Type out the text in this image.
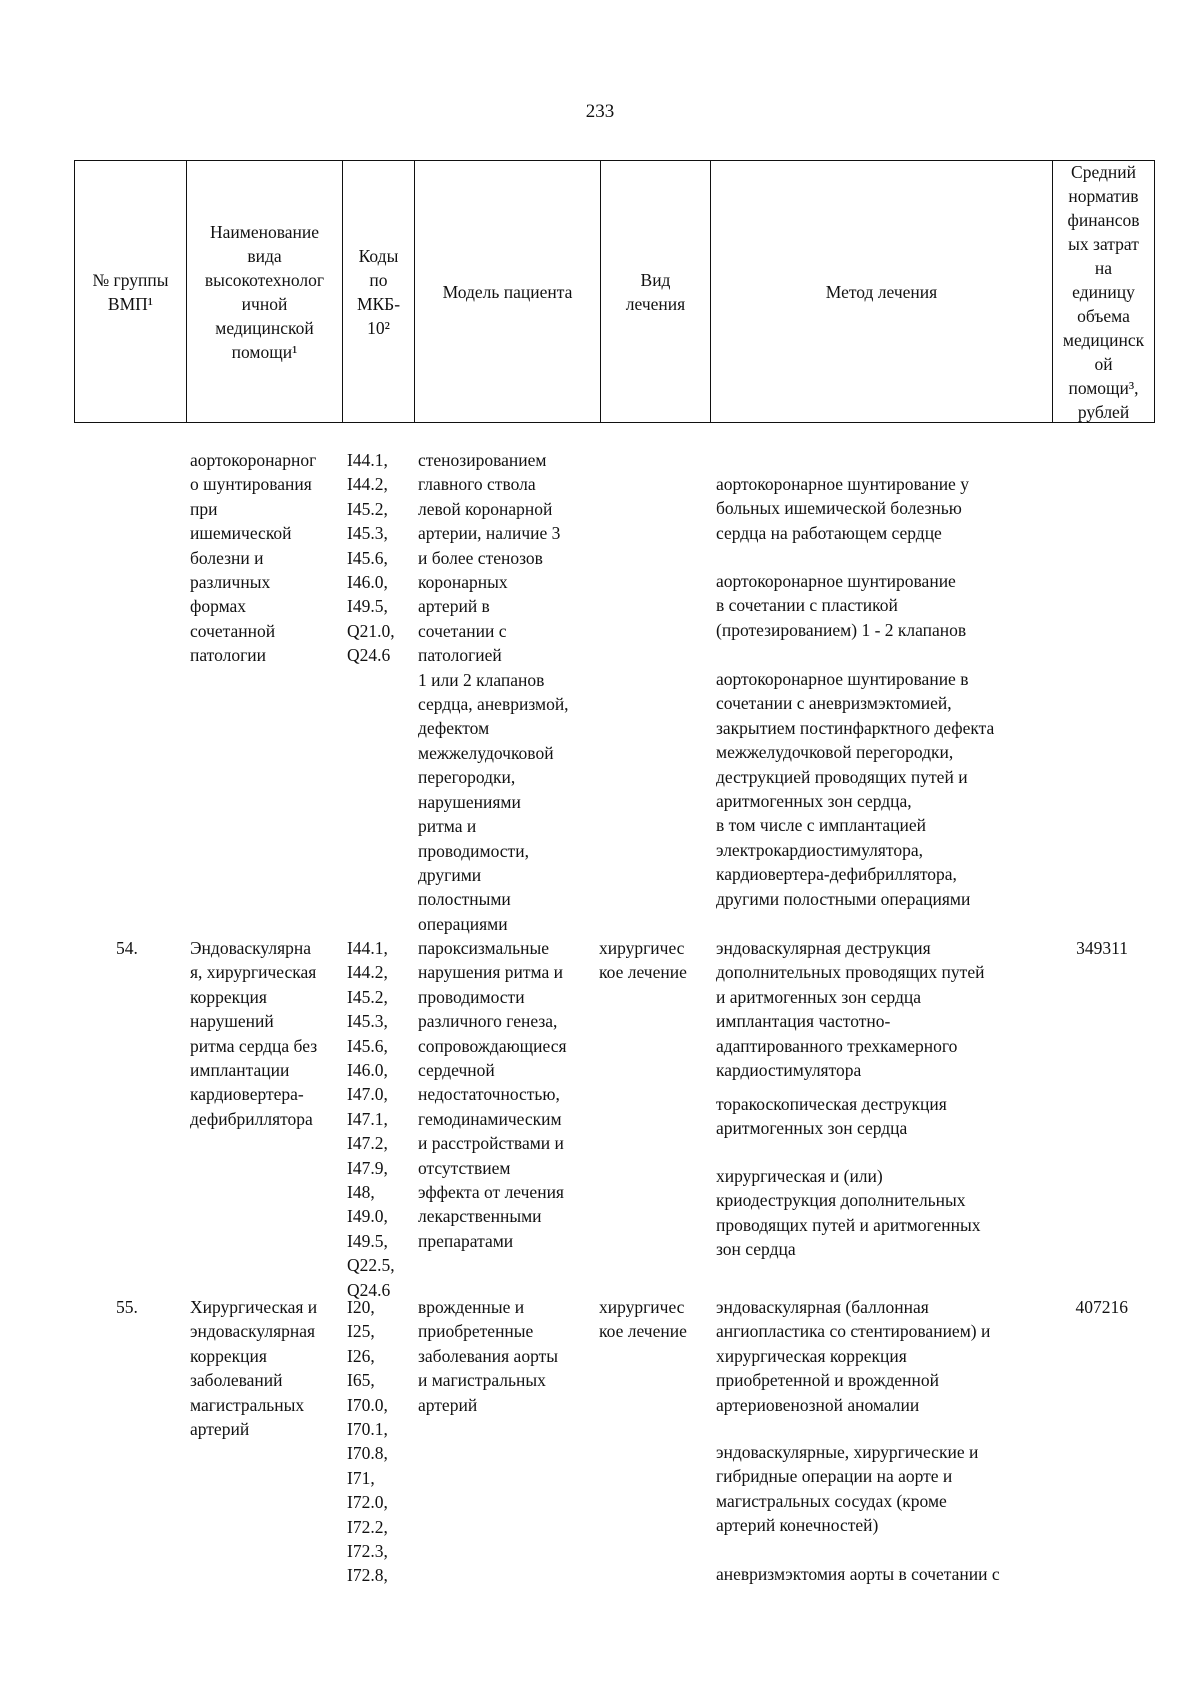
233
№ группы
ВМП¹
Наименование
вида
высокотехнолог
ичной
медицинской
помощи¹
Коды
по
МКБ-
10²
Модель пациента
Вид
лечения
Метод лечения
Средний
норматив
финансов
ых затрат
на
единицу
объема
медицинск
ой
помощи³,
рублей
аортокоронарног
о шунтирования
при
ишемической
болезни и
различных
формах
сочетанной
патологии
I44.1,
I44.2,
I45.2,
I45.3,
I45.6,
I46.0,
I49.5,
Q21.0,
Q24.6
стенозированием
главного ствола
левой коронарной
артерии, наличие 3
и более стенозов
коронарных
артерий в
сочетании с
патологией
1 или 2 клапанов
сердца, аневризмой,
дефектом
межжелудочковой
перегородки,
нарушениями
ритма и
проводимости,
другими
полостными
операциями
аортокоронарное шунтирование у
больных ишемической болезнью
сердца на работающем сердце
аортокоронарное шунтирование
в сочетании с пластикой
(протезированием) 1 - 2 клапанов
аортокоронарное шунтирование в
сочетании с аневризмэктомией,
закрытием постинфарктного дефекта
межжелудочковой перегородки,
деструкцией проводящих путей и
аритмогенных зон сердца,
в том числе с имплантацией
электрокардиостимулятора,
кардиовертера-дефибриллятора,
другими полостными операциями
54.	Эндоваскулярна
я, хирургическая
коррекция
нарушений
ритма сердца без
имплантации
кардиовертера-
дефибриллятора
I44.1,
I44.2,
I45.2,
I45.3,
I45.6,
I46.0,
I47.0,
I47.1,
I47.2,
I47.9,
I48,
I49.0,
I49.5,
Q22.5,
Q24.6
пароксизмальные
нарушения ритма и
проводимости
различного генеза,
сопровождающиеся
сердечной
недостаточностью,
гемодинамическим
и расстройствами и
отсутствием
эффекта от лечения
лекарственными
препаратами
хирургичес
кое лечение
эндоваскулярная деструкция
дополнительных проводящих путей
и аритмогенных зон сердца
имплантация частотно-
адаптированного трехкамерного
кардиостимулятора
торакоскопическая деструкция
аритмогенных зон сердца
хирургическая и (или)
криодеструкция дополнительных
проводящих путей и аритмогенных
зон сердца
349311
55.	Хирургическая и
эндоваскулярная
коррекция
заболеваний
магистральных
артерий
I20,
I25,
I26,
I65,
I70.0,
I70.1,
I70.8,
I71,
I72.0,
I72.2,
I72.3,
I72.8,
врожденные и
приобретенные
заболевания аорты
и магистральных
артерий
хирургичес
кое лечение
эндоваскулярная (баллонная
ангиопластика со стентированием) и
хирургическая коррекция
приобретенной и врожденной
артериовенозной аномалии
эндоваскулярные, хирургические и
гибридные операции на аорте и
магистральных сосудах (кроме
артерий конечностей)
аневризмэктомия аорты в сочетании с
407216
